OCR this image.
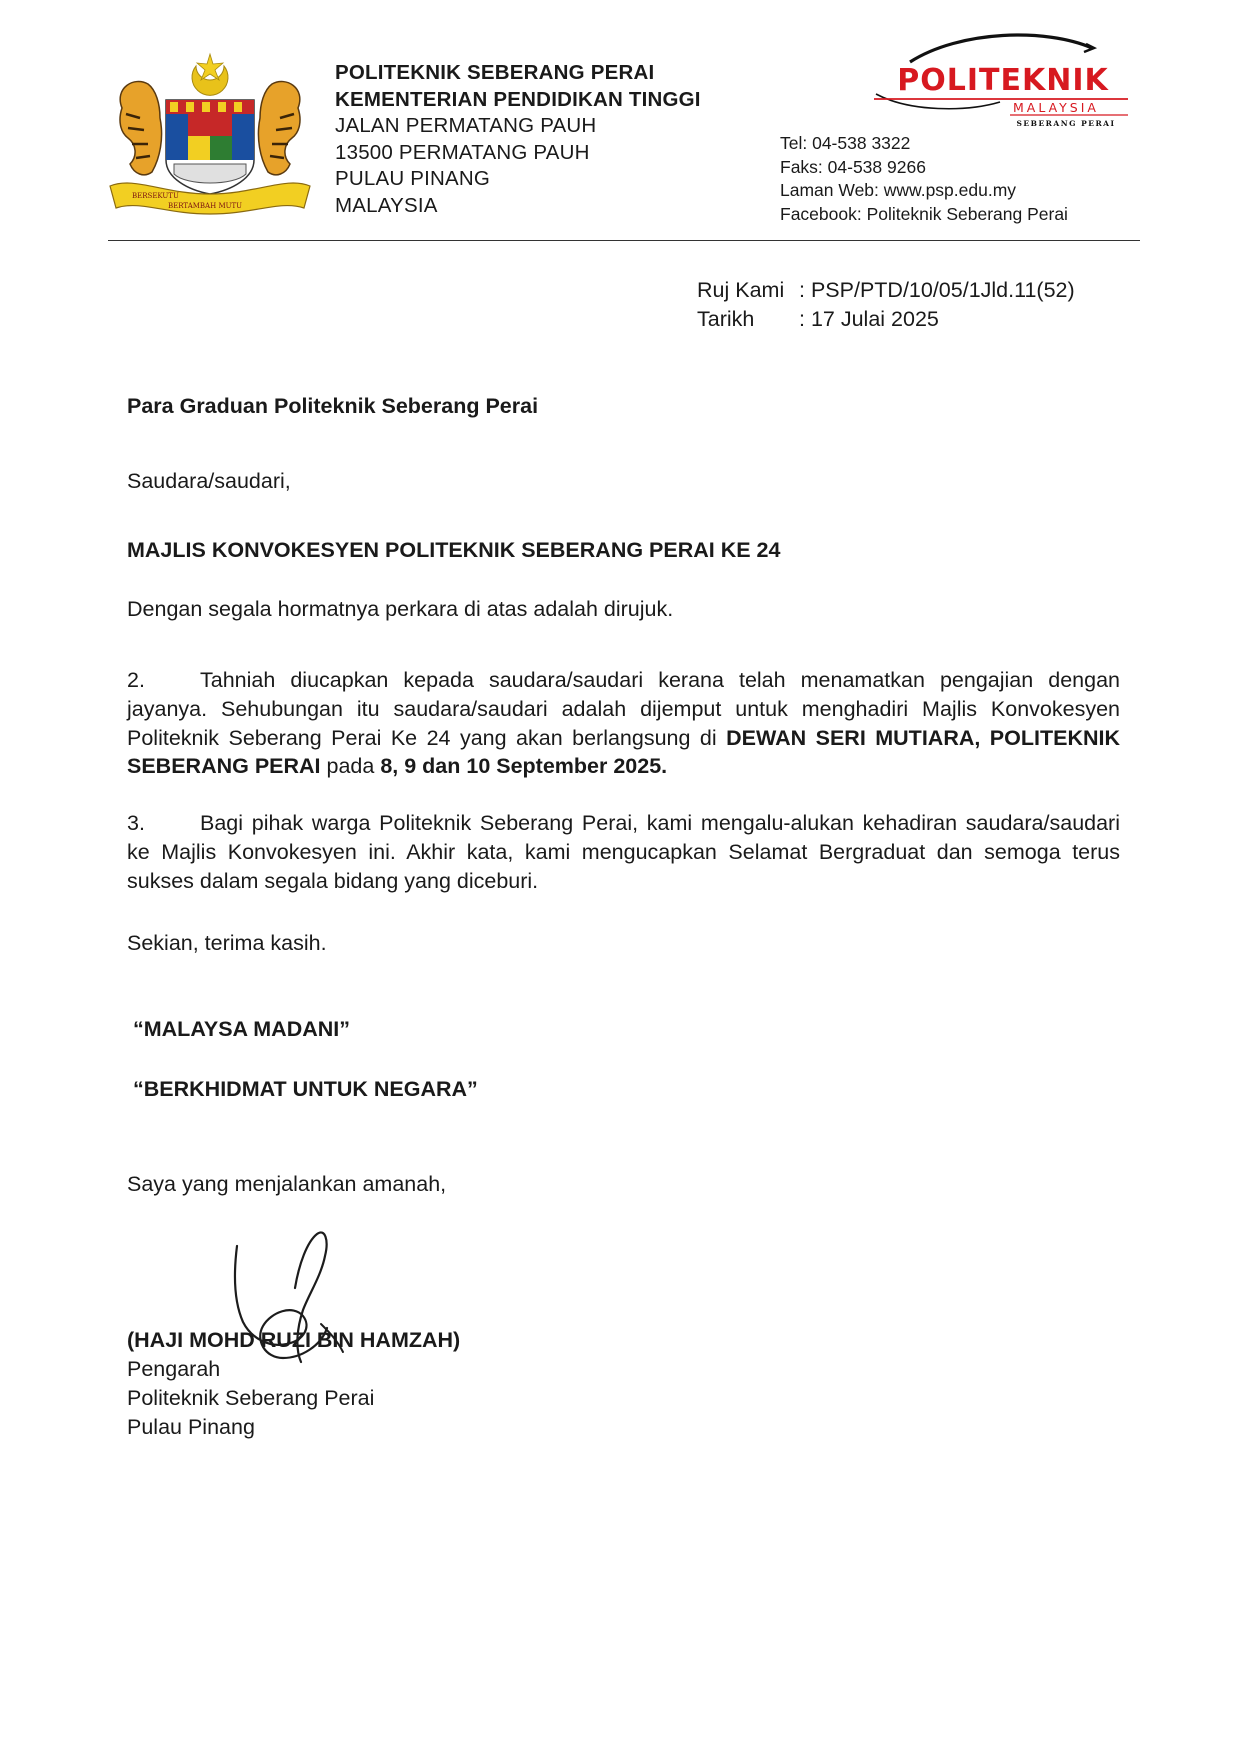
BERSEKUTU
BERTAMBAH MUTU
POLITEKNIK SEBERANG PERAI
KEMENTERIAN PENDIDIKAN TINGGI
JALAN PERMATANG PAUH
13500 PERMATANG PAUH
PULAU PINANG
MALAYSIA
POLITEKNIK
MALAYSIA
SEBERANG PERAI
Tel: 04-538 3322
Faks: 04-538 9266
Laman Web: www.psp.edu.my
Facebook: Politeknik Seberang Perai
Ruj Kami : PSP/PTD/10/05/1Jld.11(52)
Tarikh	: 17 Julai 2025

Para Graduan Politeknik Seberang Perai

Saudara/saudari,

MAJLIS KONVOKESYEN POLITEKNIK SEBERANG PERAI KE 24

Dengan segala hormatnya perkara di atas adalah dirujuk.

2.	Tahniah diucapkan kepada saudara/saudari kerana telah menamatkan pengajian dengan jayanya. Sehubungan itu saudara/saudari adalah dijemput untuk menghadiri Majlis Konvokesyen Politeknik Seberang Perai Ke 24 yang akan berlangsung di DEWAN SERI MUTIARA, POLITEKNIK SEBERANG PERAI pada 8, 9 dan 10 September 2025.

3.	Bagi pihak warga Politeknik Seberang Perai, kami mengalu-alukan kehadiran saudara/saudari ke Majlis Konvokesyen ini. Akhir kata, kami mengucapkan Selamat Bergraduat dan semoga terus sukses dalam segala bidang yang diceburi.

Sekian, terima kasih.

“MALAYSA MADANI”

“BERKHIDMAT UNTUK NEGARA”

Saya yang menjalankan amanah,

(HAJI MOHD RUZI BIN HAMZAH)

Pengarah

Politeknik Seberang Perai

Pulau Pinang
